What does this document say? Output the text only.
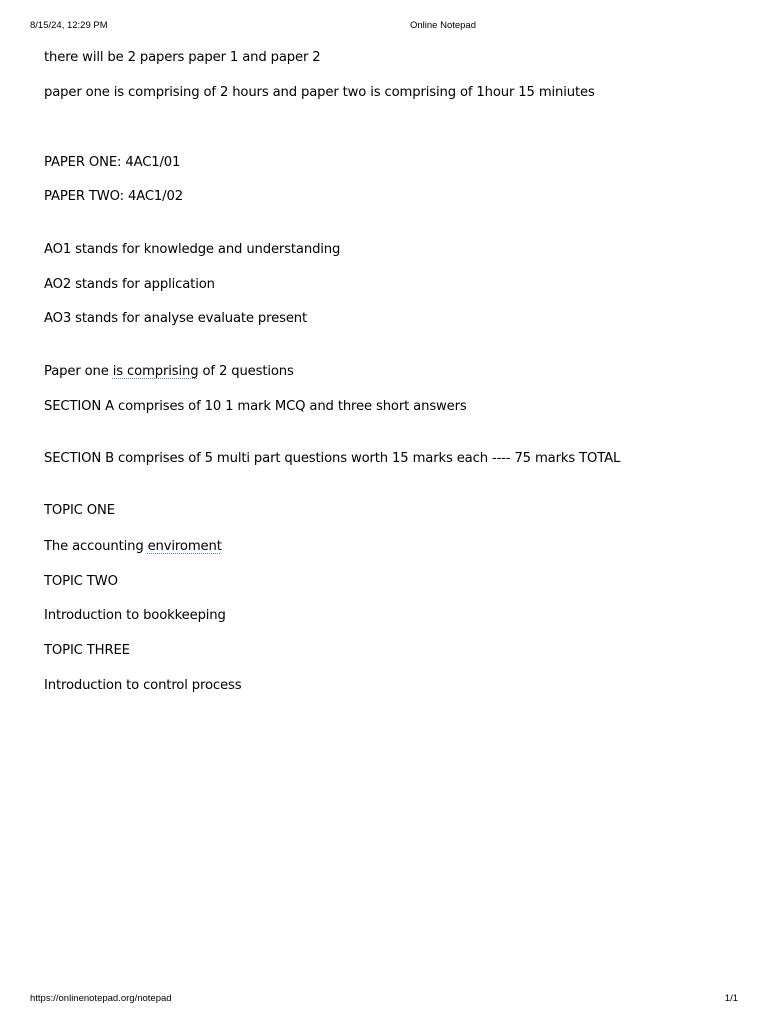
8/15/24, 12:29 PM	Online Notepad
there will be 2 papers paper 1 and paper 2
paper one is comprising of 2 hours and paper two is comprising of 1hour 15 miniutes
PAPER ONE: 4AC1/01
PAPER TWO: 4AC1/02
AO1 stands for knowledge and understanding
AO2 stands for application
AO3 stands for analyse evaluate present
Paper one is comprising of 2 questions
SECTION A comprises of 10 1 mark MCQ and three short answers
SECTION B comprises of 5 multi part questions worth 15 marks each ---- 75 marks TOTAL
TOPIC ONE
The accounting enviroment
TOPIC TWO
Introduction to bookkeeping
TOPIC THREE
Introduction to control process
https://onlinenotepad.org/notepad	1/1
